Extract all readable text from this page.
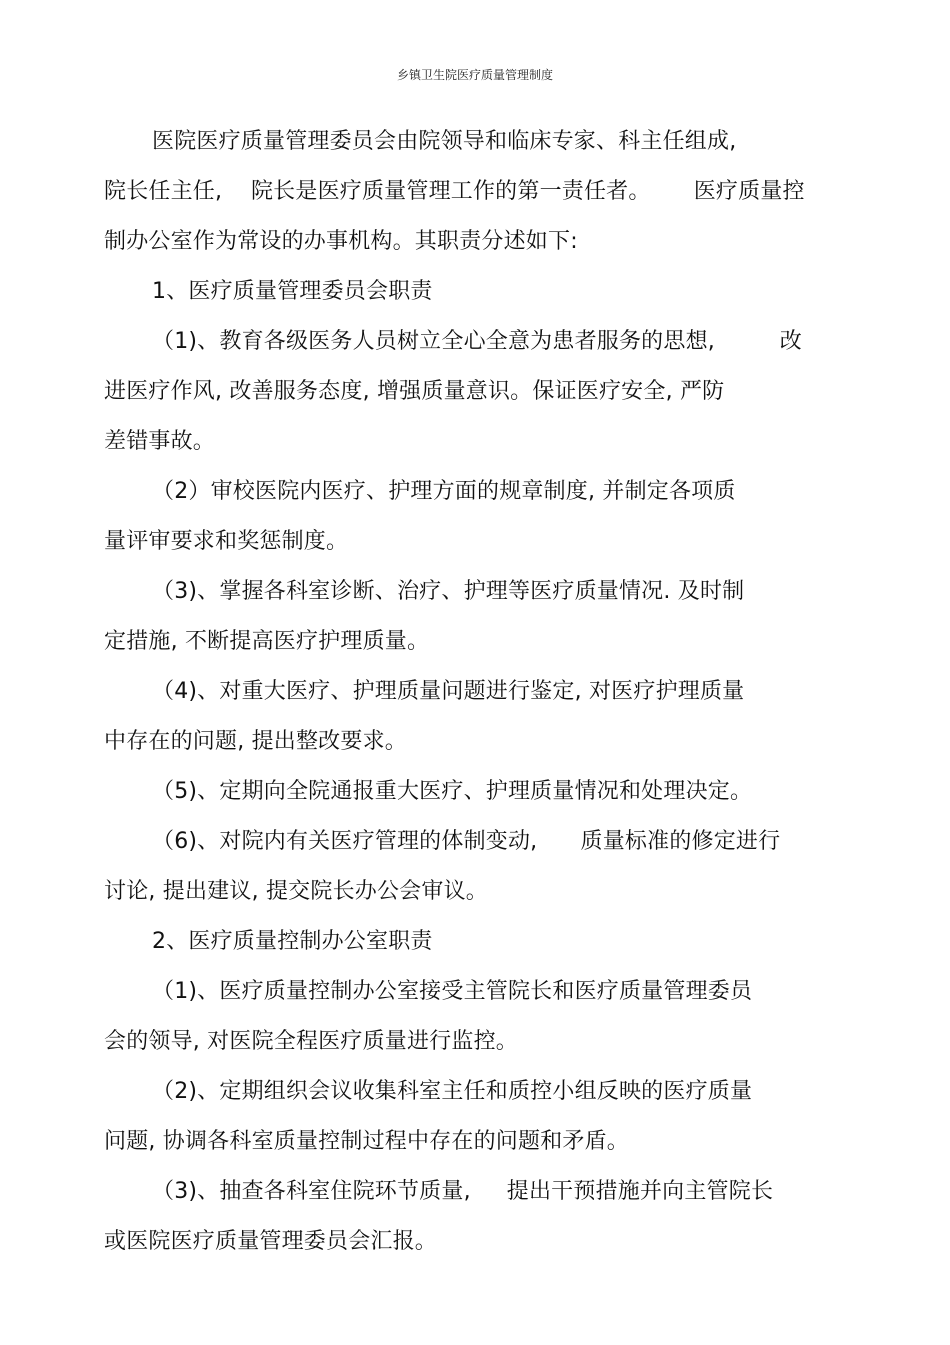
乡镇卫生院医疗质量管理制度
医院医疗质量管理委员会由院领导和临床专家、科主任组成,
院长任主任,    院长是医疗质量管理工作的第一责任者。      医疗质量控
制办公室作为常设的办事机构。其职责分述如下:
1、医疗质量管理委员会职责
（1)、教育各级医务人员树立全心全意为患者服务的思想,         改
进医疗作风, 改善服务态度, 增强质量意识。保证医疗安全, 严防
差错事故。
（2）审校医院内医疗、护理方面的规章制度, 并制定各项质
量评审要求和奖惩制度。
（3)、掌握各科室诊断、治疗、护理等医疗质量情况. 及时制
定措施, 不断提高医疗护理质量。
（4)、对重大医疗、护理质量问题进行鉴定, 对医疗护理质量
中存在的问题, 提出整改要求。
（5)、定期向全院通报重大医疗、护理质量情况和处理决定。
（6)、对院内有关医疗管理的体制变动,      质量标准的修定进行
讨论, 提出建议, 提交院长办公会审议。
2、医疗质量控制办公室职责
（1)、医疗质量控制办公室接受主管院长和医疗质量管理委员
会的领导, 对医院全程医疗质量进行监控。
（2)、定期组织会议收集科室主任和质控小组反映的医疗质量
问题, 协调各科室质量控制过程中存在的问题和矛盾。
（3)、抽查各科室住院环节质量,     提出干预措施并向主管院长
或医院医疗质量管理委员会汇报。
